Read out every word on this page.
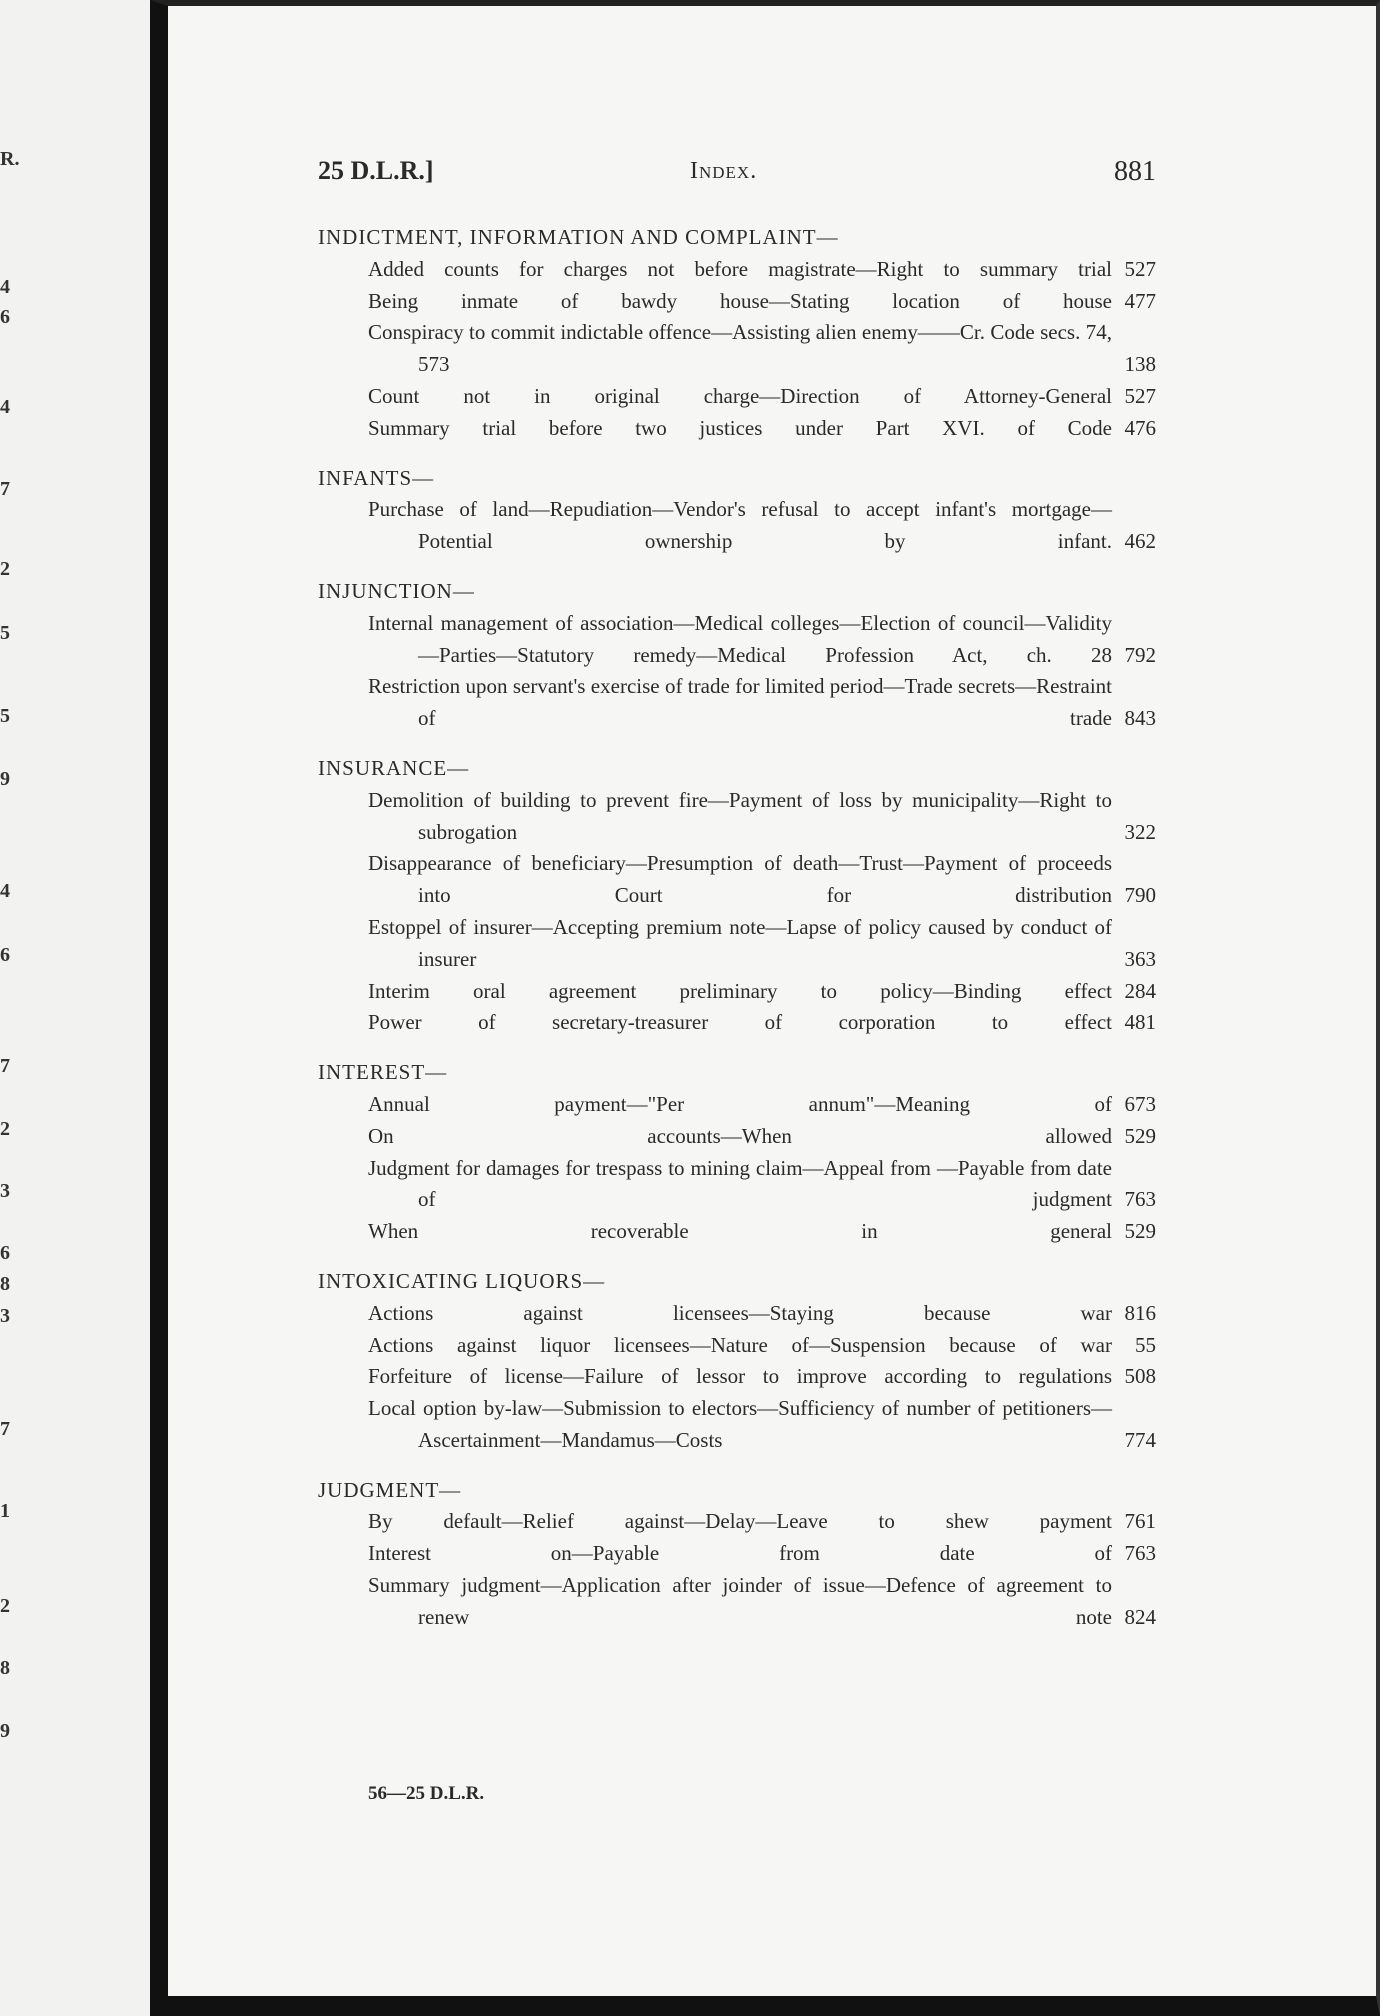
R.
4
6
4
7
2
5
5
9
4
6
7
2
3
6
8
3
7
1
2
8
9
25 D.L.R.]	Index.	881
INDICTMENT, INFORMATION AND COMPLAINT—
Added counts for charges not before magistrate—Right to summary trial 527
Being inmate of bawdy house—Stating location of house 477
Conspiracy to commit indictable offence—Assisting alien enemy——Cr. Code secs. 74, 573	138
Count not in original charge—Direction of Attorney-General 527
Summary trial before two justices under Part XVI. of Code 476
INFANTS—
Purchase of land—Repudiation—Vendor's refusal to accept infant's mortgage—Potential ownership by infant. 462
INJUNCTION—
Internal management of association—Medical colleges—Election of council—Validity—Parties—Statutory remedy—Medical Profession Act, ch. 28 792
Restriction upon servant's exercise of trade for limited period—Trade secrets—Restraint of trade 843
INSURANCE—
Demolition of building to prevent fire—Payment of loss by municipality—Right to subrogation	322
Disappearance of beneficiary—Presumption of death—Trust—Payment of proceeds into Court for distribution 790
Estoppel of insurer—Accepting premium note—Lapse of policy caused by conduct of insurer	363
Interim oral agreement preliminary to policy—Binding effect 284
Power of secretary-treasurer of corporation to effect 481
INTEREST—
Annual payment—"Per annum"—Meaning of 673
On accounts—When allowed 529
Judgment for damages for trespass to mining claim—Appeal from —Payable from date of judgment 763
When recoverable in general 529
INTOXICATING LIQUORS—
Actions against licensees—Staying because war 816
Actions against liquor licensees—Nature of—Suspension because of war	55
Forfeiture of license—Failure of lessor to improve according to regulations 508
Local option by-law—Submission to electors—Sufficiency of number of petitioners—Ascertainment—Mandamus—Costs	774
JUDGMENT—
By default—Relief against—Delay—Leave to shew payment 761
Interest on—Payable from date of 763
Summary judgment—Application after joinder of issue—Defence of agreement to renew note 824
56—25 D.L.R.
